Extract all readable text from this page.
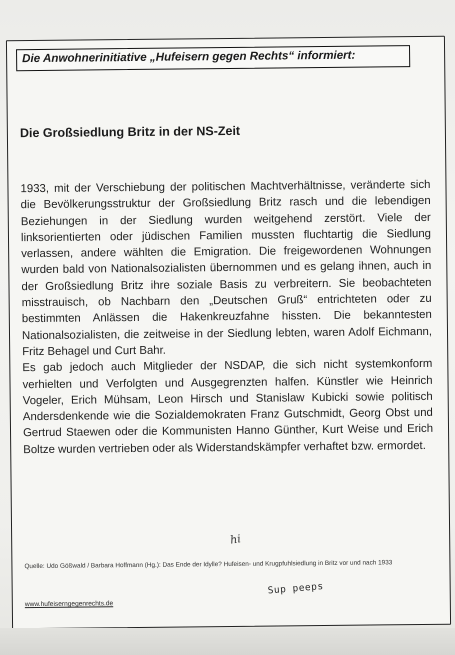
Die Anwohnerinitiative „Hufeisern gegen Rechts“ informiert:
Die Großsiedlung Britz in der NS-Zeit

1933, mit der Verschiebung der politischen Machtverhältnisse, veränderte sich die Bevölkerungsstruktur der Großsiedlung Britz rasch und die lebendigen Beziehungen in der Siedlung wurden weitgehend zerstört. Viele der linksorientierten oder jüdischen Familien mussten fluchtartig die Siedlung verlassen, andere wählten die Emigration. Die freigewordenen Wohnungen wurden bald von Nationalsozialisten übernommen und es gelang ihnen, auch in der Großsiedlung Britz ihre soziale Basis zu verbreitern. Sie beobachteten misstrauisch, ob Nachbarn den „Deutschen Gruß“ entrichteten oder zu bestimmten Anlässen die Hakenkreuzfahne hissten. Die bekanntesten Nationalsozialisten, die zeitweise in der Siedlung lebten, waren Adolf Eichmann, Fritz Behagel und Curt Bahr.

Es gab jedoch auch Mitglieder der NSDAP, die sich nicht systemkonform verhielten und Verfolgten und Ausgegrenzten halfen. Künstler wie Heinrich Vogeler, Erich Mühsam, Leon Hirsch und Stanislaw Kubicki sowie politisch Andersdenkende wie die Sozialdemokraten Franz Gutschmidt, Georg Obst und Gertrud Staewen oder die Kommunisten Hanno Günther, Kurt Weise und Erich Boltze wurden vertrieben oder als Widerstandskämpfer verhaftet bzw. ermordet.

hi
Quelle: Udo Gößwald / Barbara Hoffmann (Hg.): Das Ende der Idylle? Hufeisen- und Krugpfuhlsiedlung in Britz vor und nach 1933
Sup peeps
www.hufeiserngegenrechts.de
